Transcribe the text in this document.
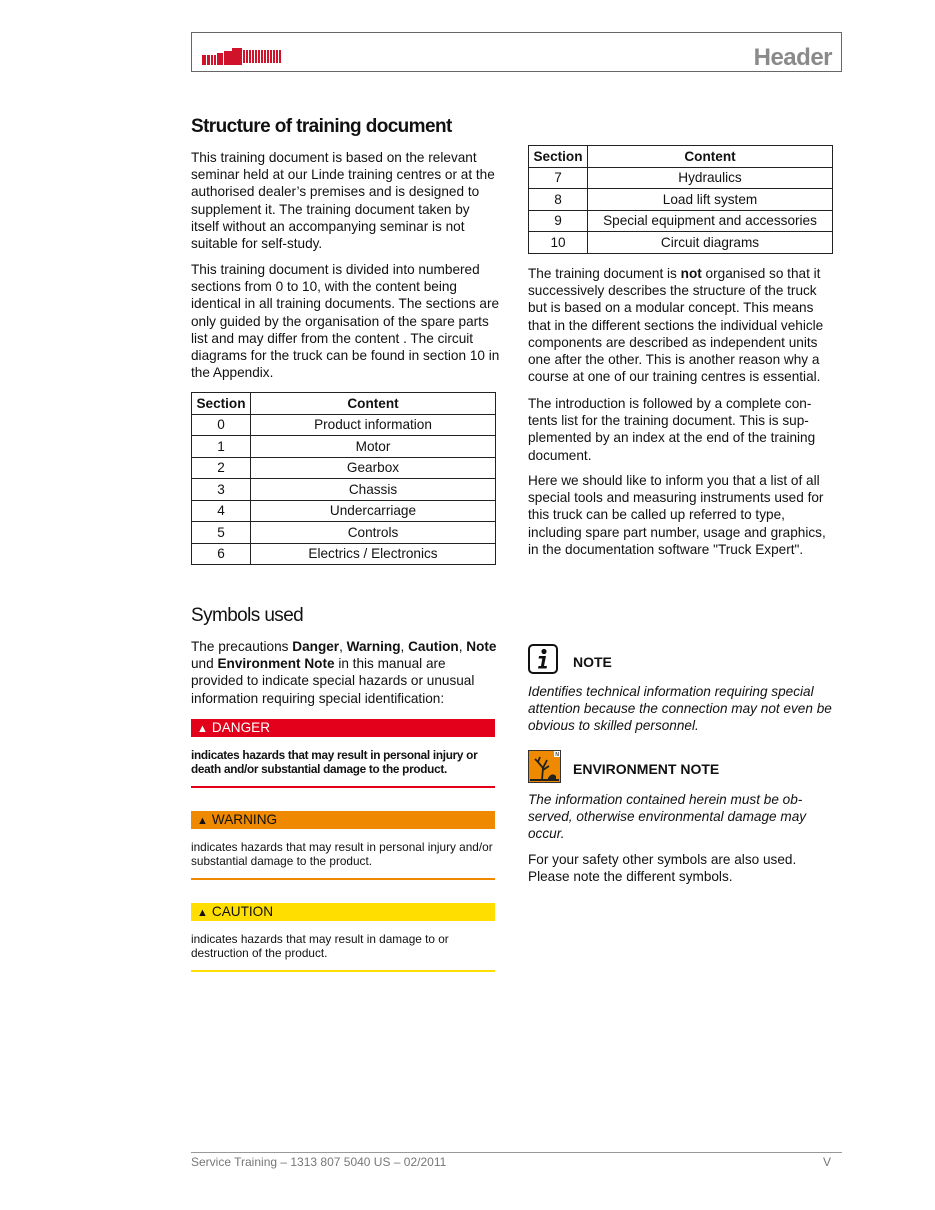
Header
Structure of training document

This training document is based on the relevant seminar held at our Linde training centres or at the authorised dealer’s premises and is designed to supplement it. The training document taken by itself without an accompanying seminar is not suitable for self-study.

This training document is divided into numbered sections from 0 to 10, with the content being identical in all training documents. The sections are only guided by the organisation of the spare parts list and may differ from the content . The circuit diagrams for the truck can be found in section 10 in the Appendix.

Section	Content
0	Product information
1	Motor
2	Gearbox
3	Chassis
4	Undercarriage
5	Controls
6	Electrics / Electronics
Section	Content
7	Hydraulics
8	Load lift system
9	Special equipment and accessories
10	Circuit diagrams

The training document is not organised so that it successively describes the structure of the truck but is based on a modular concept. This means that in the different sections the individual vehicle components are described as independent units one after the other. This is another reason why a course at one of our training centres is essential.

The introduction is followed by a complete con-tents list for the training document. This is sup-plemented by an index at the end of the training document.

Here we should like to inform you that a list of all special tools and measuring instruments used for this truck can be called up referred to type, including spare part number, usage and graphics, in the documentation software "Truck Expert".

Symbols used

The precautions Danger, Warning, Caution, Note und Environment Note in this manual are provided to indicate special hazards or unusual information requiring special identification:

▲ DANGER

indicates hazards that may result in personal injury or death and/or substantial damage to the product.

▲ WARNING

indicates hazards that may result in personal injury and/or substantial damage to the product.

▲ CAUTION

indicates hazards that may result in damage to or destruction of the product.

NOTE

Identifies technical information requiring special attention because the connection may not even be obvious to skilled personnel.

N
ENVIRONMENT NOTE

The information contained herein must be ob-served, otherwise environmental damage may occur.

For your safety other symbols are also used. Please note the different symbols.

Service Training – 1313 807 5040 US – 02/2011	V
